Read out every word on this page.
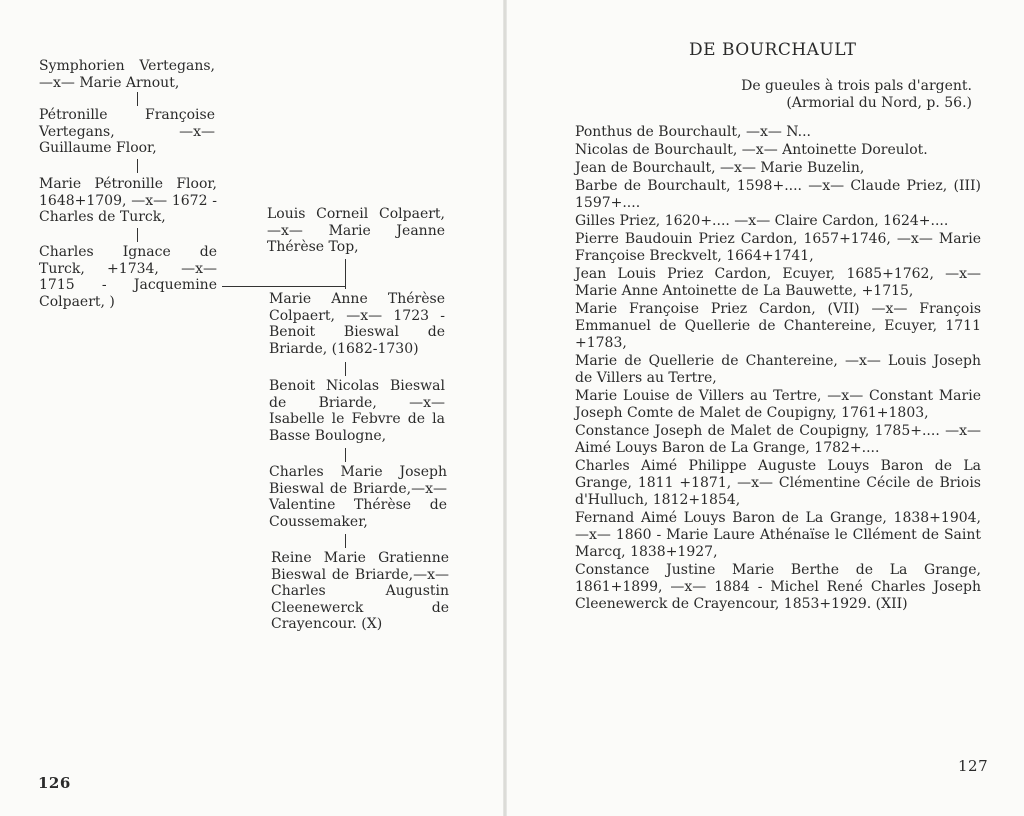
Symphorien Vertegans, —x— Marie Arnout,

Pétronille Françoise Vertegans, —x— Guillaume Floor,

Marie Pétronille Floor, 1648+1709, —x— 1672 - Charles de Turck,

Charles Ignace de Turck, +1734, —x— 1715 - Jacquemine Colpaert, )

Louis Corneil Colpaert, —x— Marie Jeanne Thérèse Top,

Marie Anne Thérèse Colpaert, —x— 1723 - Benoit Bieswal de Briarde, (1682-1730)

Benoit Nicolas Bieswal de Briarde, —x— Isabelle le Febvre de la Basse Boulogne,

Charles Marie Joseph Bieswal de Briarde,—x— Valentine Thérèse de Coussemaker,

Reine Marie Gratienne Bieswal de Briarde,—x— Charles Augustin Cleenewerck de Crayencour. (X)

126
DE BOURCHAULT
De gueules à trois pals d'argent.
(Armorial du Nord, p. 56.)
Ponthus de Bourchault, —x— N...
Nicolas de Bourchault, —x— Antoinette Doreulot.
Jean de Bourchault, —x— Marie Buzelin,
Barbe de Bourchault, 1598+.... —x— Claude Priez, (III) 1597+....
Gilles Priez, 1620+.... —x— Claire Cardon, 1624+....
Pierre Baudouin Priez Cardon, 1657+1746, —x— Marie Françoise Breckvelt, 1664+1741,
Jean Louis Priez Cardon, Ecuyer, 1685+1762, —x— Marie Anne Antoinette de La Bauwette, +1715,
Marie Françoise Priez Cardon, (VII) —x— François Emmanuel de Quellerie de Chantereine, Ecuyer, 1711 +1783,
Marie de Quellerie de Chantereine, —x— Louis Joseph de Villers au Tertre,
Marie Louise de Villers au Tertre, —x— Constant Marie Joseph Comte de Malet de Coupigny, 1761+1803,
Constance Joseph de Malet de Coupigny, 1785+.... —x— Aimé Louys Baron de La Grange, 1782+....
Charles Aimé Philippe Auguste Louys Baron de La Grange, 1811 +1871, —x— Clémentine Cécile de Briois d'Hulluch, 1812+1854,
Fernand Aimé Louys Baron de La Grange, 1838+1904, —x— 1860 - Marie Laure Athénaïse le Cllément de Saint Marcq, 1838+1927,
Constance Justine Marie Berthe de La Grange, 1861+1899, —x— 1884 - Michel René Charles Joseph Cleenewerck de Crayencour, 1853+1929. (XII)
127
